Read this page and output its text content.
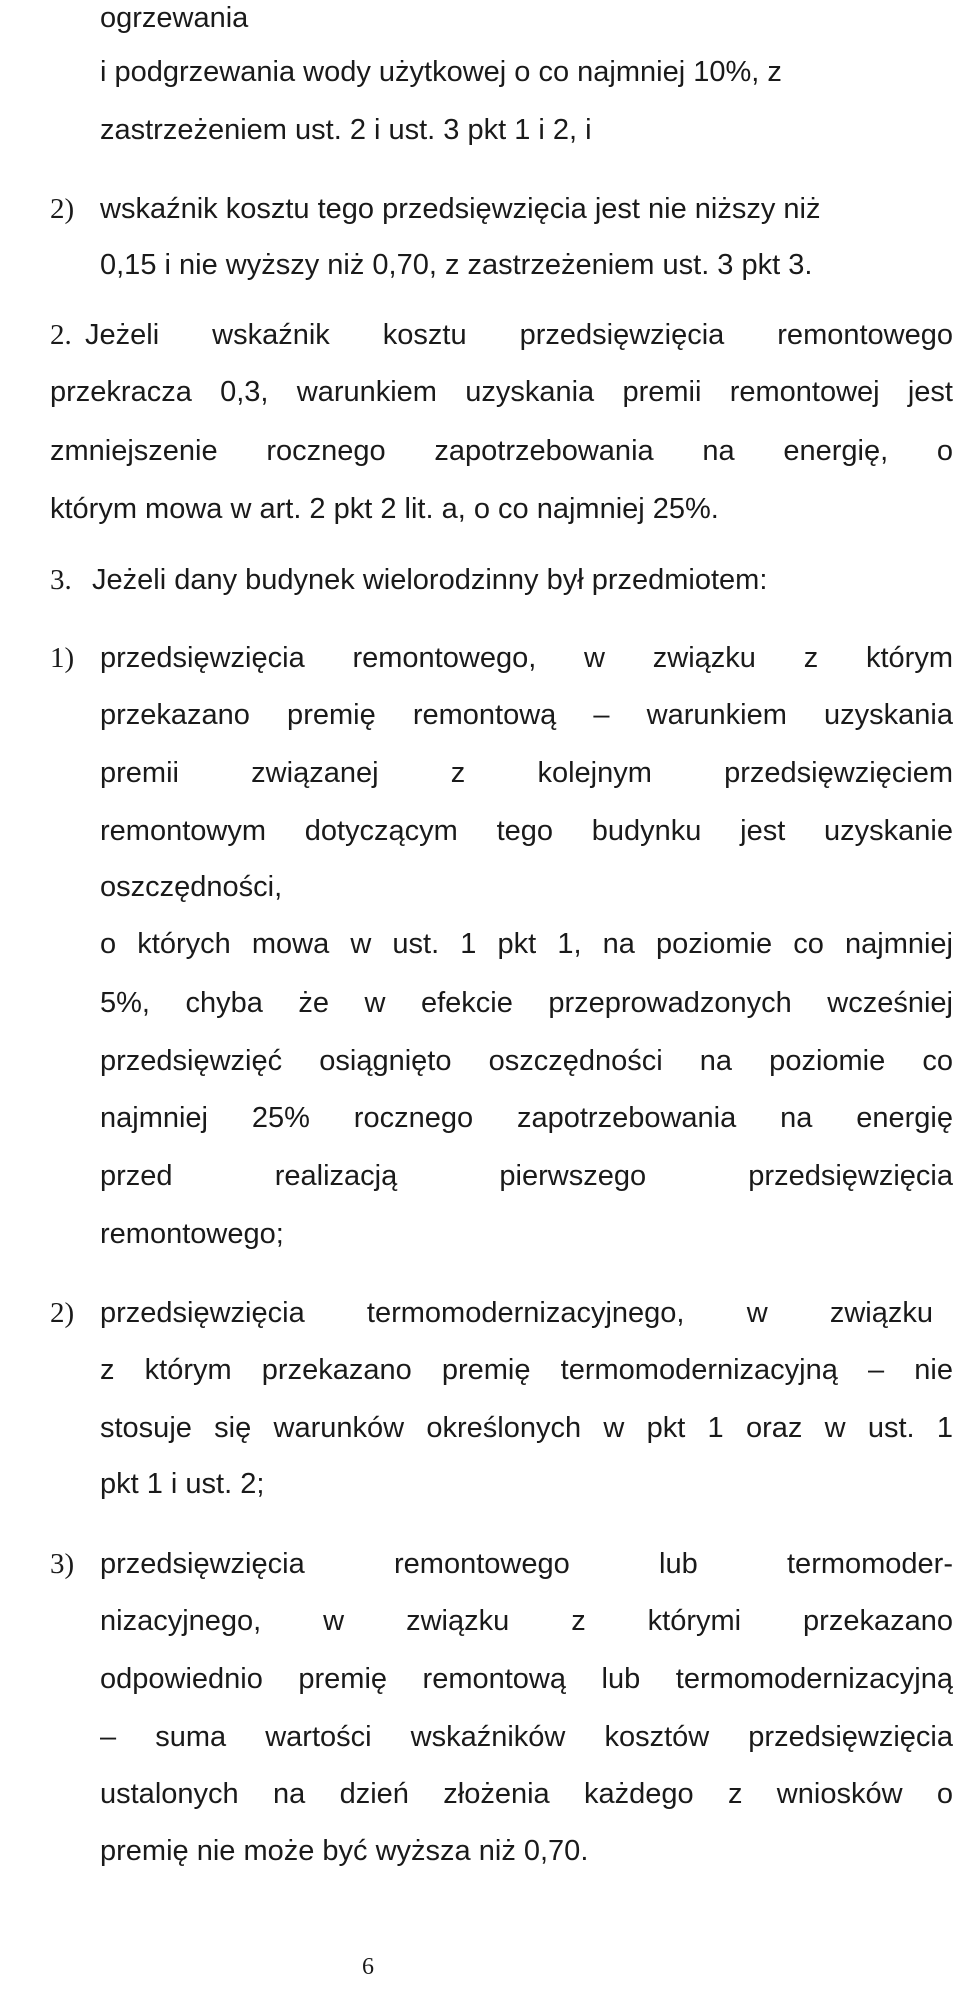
ogrzewania
i podgrzewania wody użytkowej o co najmniej 10%, z
zastrzeżeniem ust. 2 i ust. 3 pkt 1 i 2, i
2) wskaźnik kosztu tego przedsięwzięcia jest nie niższy niż
0,15 i nie wyższy niż 0,70, z zastrzeżeniem ust. 3 pkt 3.
2. Jeżeli wskaźnik kosztu przedsięwzięcia remontowego
przekracza 0,3, warunkiem uzyskania premii remontowej jest
zmniejszenie rocznego zapotrzebowania na energię, o
którym mowa w art. 2 pkt 2 lit. a, o co najmniej 25%.
3. Jeżeli dany budynek wielorodzinny był przedmiotem:
1) przedsięwzięcia remontowego, w związku z którym
przekazano premię remontową – warunkiem uzyskania
premii związanej z kolejnym przedsięwzięciem
remontowym dotyczącym tego budynku jest uzyskanie
oszczędności,
o których mowa w ust. 1 pkt 1, na poziomie co najmniej
5%, chyba że w efekcie przeprowadzonych wcześniej
przedsięwzięć osiągnięto oszczędności na poziomie co
najmniej 25% rocznego zapotrzebowania na energię
przed realizacją pierwszego przedsięwzięcia
remontowego;
2) przedsięwzięcia termomodernizacyjnego, w związku
z którym przekazano premię termomodernizacyjną – nie
stosuje się warunków określonych w pkt 1 oraz w ust. 1
pkt 1 i ust. 2;
3) przedsięwzięcia remontowego lub termomoder-
nizacyjnego, w związku z którymi przekazano
odpowiednio premię remontową lub termomodernizacyjną
– suma wartości wskaźników kosztów przedsięwzięcia
ustalonych na dzień złożenia każdego z wniosków o
premię nie może być wyższa niż 0,70.
6
